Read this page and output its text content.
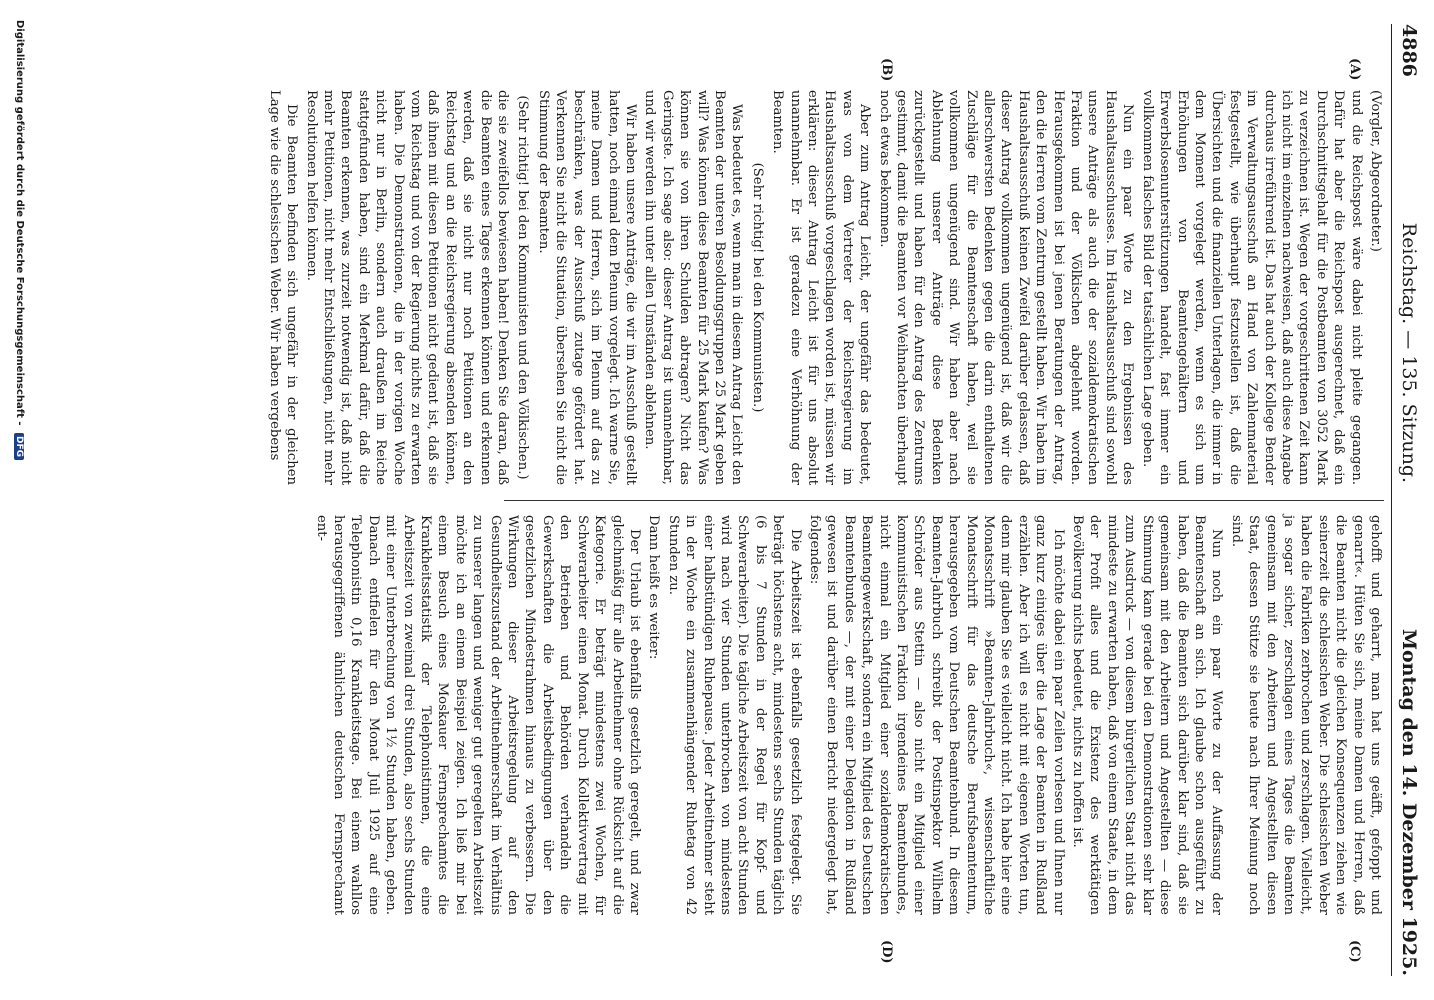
4886
Reichstag. — 135. Sitzung.
Montag den 14. Dezember 1925.
(A)
(B)
(C)
(D)

(Vorgler, Abgeordneter.)

und die Reichspost wäre dabei nicht pleite gegangen. Dafür hat aber die Reichspost ausgerechnet, daß ein Durchschnittsgehalt für die Postbeamten von 3052 Mark zu verzeichnen ist. Wegen der vorgeschrittenen Zeit kann ich nicht im einzelnen nachweisen, daß auch diese Angabe durchaus irreführend ist. Das hat auch der Kollege Bender im Verwaltungsausschuß an Hand von Zahlenmaterial festgestellt, wie überhaupt festzustellen ist, daß die Übersichten und die finanziellen Unterlagen, die immer in dem Moment vorgelegt werden, wenn es sich um Erhöhungen von Beamtengehältern und Erwerbslosenunterstützungen handelt, fast immer ein vollkommen falsches Bild der tatsächlichen Lage geben.

Nun ein paar Worte zu den Ergebnissen des Haushaltsausschusses. Im Haushaltsausschuß sind sowohl unsere Anträge als auch die der sozialdemokratischen Fraktion und der Völkischen abgelehnt worden. Herausgekommen ist bei jenen Beratungen der Antrag, den die Herren vom Zentrum gestellt haben. Wir haben im Haushaltsausschuß keinen Zweifel darüber gelassen, daß dieser Antrag vollkommen ungenügend ist, daß wir die allerschwersten Bedenken gegen die darin enthaltenen Zuschläge für die Beamtenschaft haben, weil sie vollkommen ungenügend sind. Wir haben aber nach Ablehnung unserer Anträge diese Bedenken zurückgestellt und haben für den Antrag des Zentrums gestimmt, damit die Beamten vor Weihnachten überhaupt noch etwas bekommen.

Aber zum Antrag Leicht, der ungefähr das bedeutet, was von dem Vertreter der Reichsregierung im Haushaltsausschuß vorgeschlagen worden ist, müssen wir erklären: dieser Antrag Leicht ist für uns absolut unannehmbar. Er ist geradezu eine Verhöhnung der Beamten.

(Sehr richtig! bei den Kommunisten.)

Was bedeutet es, wenn man in diesem Antrag Leicht den Beamten der unteren Besoldungsgruppen 25 Mark geben will? Was können diese Beamten für 25 Mark kaufen? Was können sie von ihren Schulden abtragen? Nicht das Geringste. Ich sage also: dieser Antrag ist unannehmbar, und wir werden ihn unter allen Umständen ablehnen.

Wir haben unsere Anträge, die wir im Ausschuß gestellt hatten, noch einmal dem Plenum vorgelegt. Ich warne Sie, meine Damen und Herren, sich im Plenum auf das zu beschränken, was der Ausschuß zutage gefördert hat. Verkennen Sie nicht die Situation, übersehen Sie nicht die Stimmung der Beamten.

(Sehr richtig! bei den Kommunisten und den Völkischen.)

die sie zweifellos bewiesen haben! Denken Sie daran, daß die Beamten eines Tages erkennen können und erkennen werden, daß sie nicht nur noch Petitionen an den Reichstag und an die Reichsregierung absenden können, daß ihnen mit diesen Petitionen nicht gedient ist, daß sie vom Reichstag und von der Regierung nichts zu erwarten haben. Die Demonstrationen, die in der vorigen Woche nicht nur in Berlin, sondern auch draußen im Reiche stattgefunden haben, sind ein Merkmal dafür, daß die Beamten erkennen, was zurzeit notwendig ist, daß nicht mehr Petitionen, nicht mehr Entschließungen, nicht mehr Resolutionen helfen können.

Die Beamten befinden sich ungefähr in der gleichen Lage wie die schlesischen Weber. Wir haben vergebens

gehofft und geharrt, man hat uns geäfft, gefoppt und genarrt«. Hüten Sie sich, meine Damen und Herren, daß die Beamten nicht die gleichen Konsequenzen ziehen wie seinerzeit die schlesischen Weber. Die schlesischen Weber haben die Fabriken zerbrochen und zerschlagen. Vielleicht, ja sogar sicher, zerschlagen eines Tages die Beamten gemeinsam mit den Arbeitern und Angestellten diesen Staat, dessen Stütze sie heute nach Ihrer Meinung noch sind.

Nun noch ein paar Worte zu der Auffassung der Beamtenschaft an sich. Ich glaube schon ausgeführt zu haben, daß die Beamten sich darüber klar sind, daß sie gemeinsam mit den Arbeitern und Angestellten — diese Stimmung kam gerade bei den Demonstrationen sehr klar zum Ausdruck — von diesem bürgerlichen Staat nicht das mindeste zu erwarten haben, daß von einem Staate, in dem der Profit alles und die Existenz des werktätigen Bevölkerung nichts bedeutet, nichts zu hoffen ist.

Ich möchte dabei ein paar Zeilen vorlesen und Ihnen nur ganz kurz einiges über die Lage der Beamten in Rußland erzählen. Aber ich will es nicht mit eigenen Worten tun, denn mir glauben Sie es vielleicht nicht. Ich habe hier eine Monatsschrift »Beamten-Jahrbuch«, wissenschaftliche Monatsschrift für das deutsche Berufsbeamtentum, herausgegeben vom Deutschen Beamtenbund. In diesem Beamten-Jahrbuch schreibt der Postinspektor Wilhelm Schröder aus Stettin — also nicht ein Mitglied einer kommunistischen Fraktion irgendeines Beamtenbundes, nicht einmal ein Mitglied einer sozialdemokratischen Beamtengewerkschaft, sondern ein Mitglied des Deutschen Beamtenbundes —, der mit einer Delegation in Rußland gewesen ist und darüber einen Bericht niedergelegt hat, folgendes:

Die Arbeitszeit ist ebenfalls gesetzlich festgelegt. Sie beträgt höchstens acht, mindestens sechs Stunden täglich (6 bis 7 Stunden in der Regel für Kopf- und Schwerarbeiter). Die tägliche Arbeitszeit von acht Stunden wird nach vier Stunden unterbrochen von mindestens einer halbstündigen Ruhepause. Jeder Arbeitnehmer steht in der Woche ein zusammenhängender Ruhetag von 42 Stunden zu.

Dann heißt es weiter:

Der Urlaub ist ebenfalls gesetzlich geregelt, und zwar gleichmäßig für alle Arbeitnehmer ohne Rücksicht auf die Kategorie. Er beträgt mindestens zwei Wochen, für Schwerarbeiter einen Monat. Durch Kollektivvertrag mit den Betrieben und Behörden verhandeln die Gewerkschaften die Arbeitsbedingungen über den gesetzlichen Mindestrahmen hinaus zu verbessern. Die Wirkungen dieser Arbeitsregelung auf den Gesundheitszustand der Arbeitnehmerschaft im Verhältnis zu unserer langen und weniger gut geregelten Arbeitszeit möchte ich an einem Beispiel zeigen. Ich ließ mir bei einem Besuch eines Moskauer Fernsprechamtes die Krankheitsstatistik der Telephonistinnen, die eine Arbeitszeit von zweimal drei Stunden, also sechs Stunden mit einer Unterbrechung von 1½ Stunden haben, geben. Danach entfielen für den Monat Juli 1925 auf eine Telephonistin 0,16 Krankheitstage. Bei einem wahllos herausgegriffenen ähnlichen deutschen Fernsprechamt ent-

Digitalisierung gefördert durch die Deutsche Forschungsgemeinschaft - DFG
